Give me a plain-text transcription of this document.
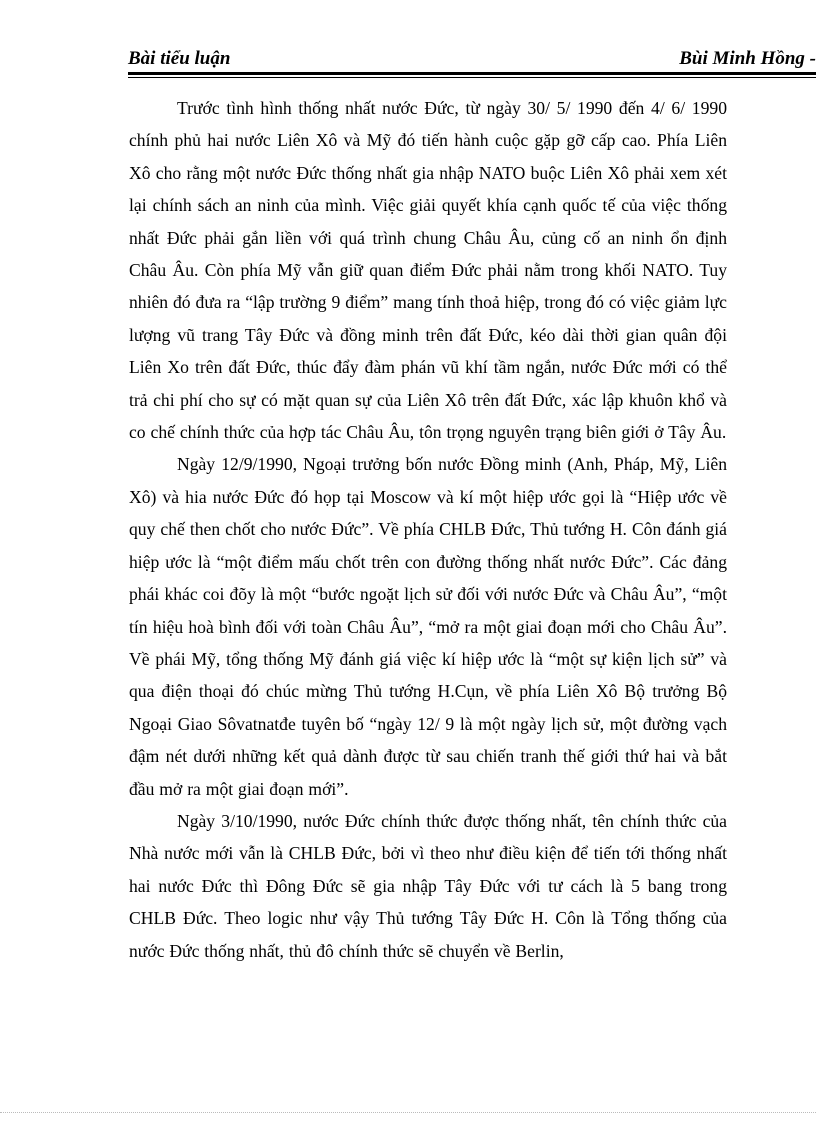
Bài tiểu luận	Bùi Minh Hồng -

Trước tình hình thống nhất nước Đức, từ ngày 30/ 5/ 1990 đến 4/ 6/ 1990 chính phủ hai nước Liên Xô và Mỹ đó tiến hành cuộc gặp gỡ cấp cao. Phía Liên Xô cho rằng một nước Đức thống nhất gia nhập NATO buộc Liên Xô phải xem xét lại chính sách an ninh của mình. Việc giải quyết khía cạnh quốc tế của việc thống nhất Đức phải gắn liền với quá trình chung Châu Âu, củng cố an ninh ổn định Châu Âu. Còn phía Mỹ vẫn giữ quan điểm Đức phải nằm trong khối NATO. Tuy nhiên đó đưa ra “lập trường 9 điểm” mang tính thoả hiệp, trong đó có việc giảm lực lượng vũ trang Tây Đức và đồng minh trên đất Đức, kéo dài thời gian quân đội Liên Xo trên đất Đức, thúc đẩy đàm phán vũ khí tầm ngắn, nước Đức mới có thể trả chi phí cho sự có mặt quan sự của Liên Xô trên đất Đức, xác lập khuôn khổ và co chế chính thức của hợp tác Châu Âu, tôn trọng nguyên trạng biên giới ở Tây Âu.

Ngày 12/9/1990, Ngoại trưởng bốn nước Đồng minh (Anh, Pháp, Mỹ, Liên Xô) và hia nước Đức đó họp tại Moscow và kí một hiệp ước gọi là “Hiệp ước về quy chế then chốt cho nước Đức”. Về phía CHLB Đức, Thủ tướng H. Côn đánh giá hiệp ước là “một điểm mấu chốt trên con đường thống nhất nước Đức”. Các đảng phái khác coi đõy là một “bước ngoặt lịch sử đối với nước Đức và Châu Âu”, “một tín hiệu hoà bình đối với toàn Châu Âu”, “mở ra một giai đoạn mới cho Châu Âu”. Về phái Mỹ, tổng thống Mỹ đánh giá việc kí hiệp ước là “một sự kiện lịch sử” và qua điện thoại đó chúc mừng Thủ tướng H.Cụn, về phía Liên Xô Bộ trưởng Bộ Ngoại Giao Sôvatnatđe tuyên bố “ngày 12/ 9 là một ngày lịch sử, một đường vạch đậm nét dưới những kết quả dành được từ sau chiến tranh thế giới thứ hai và bắt đầu mở ra một giai đoạn mới”.

Ngày 3/10/1990, nước Đức chính thức được thống nhất, tên chính thức của Nhà nước mới vẫn là CHLB Đức, bởi vì theo như điều kiện để tiến tới thống nhất hai nước Đức thì Đông Đức sẽ gia nhập Tây Đức với tư cách là 5 bang trong CHLB Đức. Theo logic như vậy Thủ tướng Tây Đức H. Côn là Tổng thống của nước Đức thống nhất, thủ đô chính thức sẽ chuyển về Berlin,
